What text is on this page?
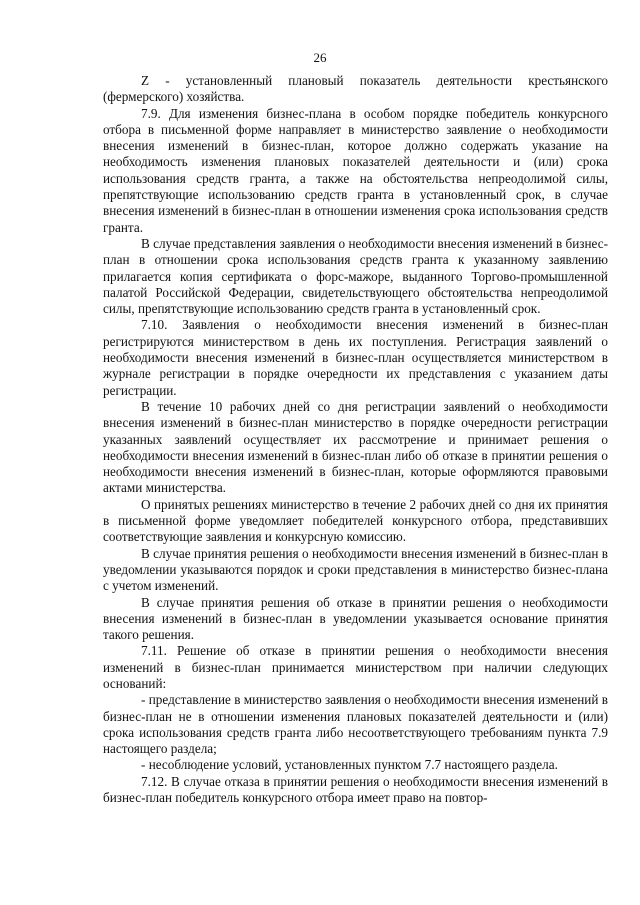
26

Z - установленный плановый показатель деятельности крестьянского (фермерского) хозяйства.

7.9. Для изменения бизнес-плана в особом порядке победитель конкурсного отбора в письменной форме направляет в министерство заявление о необходимости внесения изменений в бизнес-план, которое должно содержать указание на необходимость изменения плановых показателей деятельности и (или) срока использования средств гранта, а также на обстоятельства непреодолимой силы, препятствующие использованию средств гранта в установленный срок, в случае внесения изменений в бизнес-план в отношении изменения срока использования средств гранта.

В случае представления заявления о необходимости внесения изменений в бизнес-план в отношении срока использования средств гранта к указанному заявлению прилагается копия сертификата о форс-мажоре, выданного Торгово-промышленной палатой Российской Федерации, свидетельствующего обстоятельства непреодолимой силы, препятствующие использованию средств гранта в установленный срок.

7.10. Заявления о необходимости внесения изменений в бизнес-план регистрируются министерством в день их поступления. Регистрация заявлений о необходимости внесения изменений в бизнес-план осуществляется министерством в журнале регистрации в порядке очередности их представления с указанием даты регистрации.

В течение 10 рабочих дней со дня регистрации заявлений о необходимости внесения изменений в бизнес-план министерство в порядке очередности регистрации указанных заявлений осуществляет их рассмотрение и принимает решения о необходимости внесения изменений в бизнес-план либо об отказе в принятии решения о необходимости внесения изменений в бизнес-план, которые оформляются правовыми актами министерства.

О принятых решениях министерство в течение 2 рабочих дней со дня их принятия в письменной форме уведомляет победителей конкурсного отбора, представивших соответствующие заявления и конкурсную комиссию.

В случае принятия решения о необходимости внесения изменений в бизнес-план в уведомлении указываются порядок и сроки представления в министерство бизнес-плана с учетом изменений.

В случае принятия решения об отказе в принятии решения о необходимости внесения изменений в бизнес-план в уведомлении указывается основание принятия такого решения.

7.11. Решение об отказе в принятии решения о необходимости внесения изменений в бизнес-план принимается министерством при наличии следующих оснований:

- представление в министерство заявления о необходимости внесения изменений в бизнес-план не в отношении изменения плановых показателей деятельности и (или) срока использования средств гранта либо несоответствующего требованиям пункта 7.9 настоящего раздела;

- несоблюдение условий, установленных пунктом 7.7 настоящего раздела.

7.12. В случае отказа в принятии решения о необходимости внесения изменений в бизнес-план победитель конкурсного отбора имеет право на повтор-
